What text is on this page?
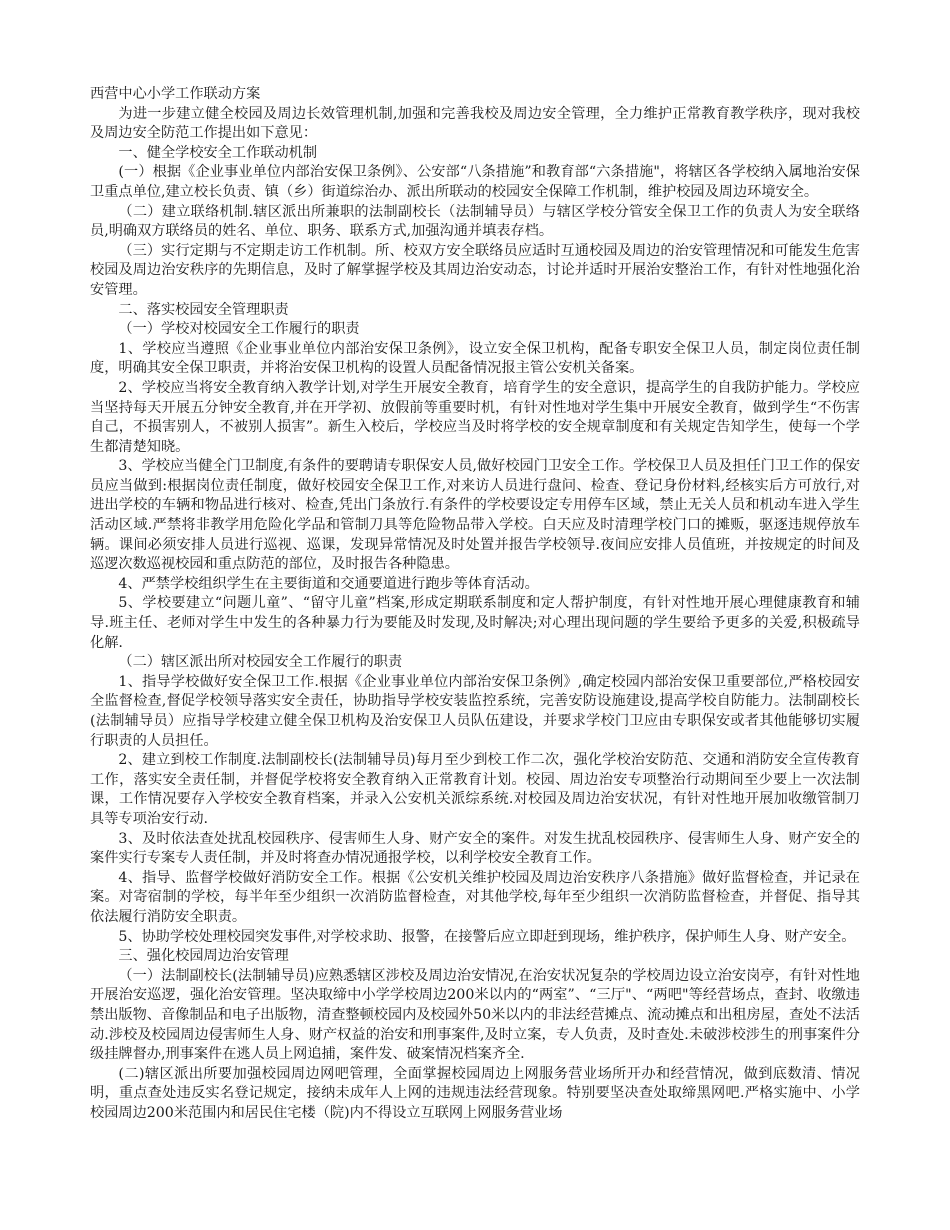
西营中心小学工作联动方案

为进一步建立健全校园及周边长效管理机制,加强和完善我校及周边安全管理，全力维护正常教育教学秩序，现对我校及周边安全防范工作提出如下意见：

一、健全学校安全工作联动机制

(一）根据《企业事业单位内部治安保卫条例》、公安部“八条措施”和教育部“六条措施"，将辖区各学校纳入属地治安保卫重点单位,建立校长负责、镇（乡）街道综治办、派出所联动的校园安全保障工作机制，维护校园及周边环境安全。

（二）建立联络机制.辖区派出所兼职的法制副校长（法制辅导员）与辖区学校分管安全保卫工作的负责人为安全联络员,明确双方联络员的姓名、单位、职务、联系方式,加强沟通并填表存档。

（三）实行定期与不定期走访工作机制。所、校双方安全联络员应适时互通校园及周边的治安管理情况和可能发生危害校园及周边治安秩序的先期信息，及时了解掌握学校及其周边治安动态，讨论并适时开展治安整治工作，有针对性地强化治安管理。

二、落实校园安全管理职责

（一）学校对校园安全工作履行的职责

1、学校应当遵照《企业事业单位内部治安保卫条例》，设立安全保卫机构，配备专职安全保卫人员，制定岗位责任制度，明确其安全保卫职责，并将治安保卫机构的设置人员配备情况报主管公安机关备案。

2、学校应当将安全教育纳入教学计划,对学生开展安全教育，培育学生的安全意识，提高学生的自我防护能力。学校应当坚持每天开展五分钟安全教育,并在开学初、放假前等重要时机，有针对性地对学生集中开展安全教育，做到学生“不伤害自己，不损害别人，不被别人损害”。新生入校后，学校应当及时将学校的安全规章制度和有关规定告知学生，使每一个学生都清楚知晓。

3、学校应当健全门卫制度,有条件的要聘请专职保安人员,做好校园门卫安全工作。学校保卫人员及担任门卫工作的保安员应当做到:根据岗位责任制度，做好校园安全保卫工作,对来访人员进行盘问、检查、登记身份材料,经核实后方可放行,对进出学校的车辆和物品进行核对、检查,凭出门条放行.有条件的学校要设定专用停车区域，禁止无关人员和机动车进入学生活动区域.严禁将非教学用危险化学品和管制刀具等危险物品带入学校。白天应及时清理学校门口的摊贩，驱逐违规停放车辆。课间必须安排人员进行巡视、巡课，发现异常情况及时处置并报告学校领导.夜间应安排人员值班，并按规定的时间及巡逻次数巡视校园和重点防范的部位，及时报告各种隐患。

4、严禁学校组织学生在主要街道和交通要道进行跑步等体育活动。

5、学校要建立“问题儿童”、“留守儿童”档案,形成定期联系制度和定人帮护制度，有针对性地开展心理健康教育和辅导.班主任、老师对学生中发生的各种暴力行为要能及时发现,及时解决;对心理出现问题的学生要给予更多的关爱,积极疏导化解.

（二）辖区派出所对校园安全工作履行的职责

1、指导学校做好安全保卫工作.根据《企业事业单位内部治安保卫条例》,确定校园内部治安保卫重要部位,严格校园安全监督检查,督促学校领导落实安全责任，协助指导学校安装监控系统，完善安防设施建设,提高学校自防能力。法制副校长(法制辅导员）应指导学校建立健全保卫机构及治安保卫人员队伍建设，并要求学校门卫应由专职保安或者其他能够切实履行职责的人员担任。

2、建立到校工作制度.法制副校长(法制辅导员)每月至少到校工作二次，强化学校治安防范、交通和消防安全宣传教育工作，落实安全责任制，并督促学校将安全教育纳入正常教育计划。校园、周边治安专项整治行动期间至少要上一次法制课，工作情况要存入学校安全教育档案，并录入公安机关派综系统.对校园及周边治安状况，有针对性地开展加收缴管制刀具等专项治安行动.

3、及时依法查处扰乱校园秩序、侵害师生人身、财产安全的案件。对发生扰乱校园秩序、侵害师生人身、财产安全的案件实行专案专人责任制，并及时将查办情况通报学校，以利学校安全教育工作。

4、指导、监督学校做好消防安全工作。根据《公安机关维护校园及周边治安秩序八条措施》做好监督检查，并记录在案。对寄宿制的学校，每半年至少组织一次消防监督检查，对其他学校,每年至少组织一次消防监督检查，并督促、指导其依法履行消防安全职责。

5、协助学校处理校园突发事件,对学校求助、报警，在接警后应立即赶到现场，维护秩序，保护师生人身、财产安全。

三、强化校园周边治安管理

（一）法制副校长(法制辅导员)应熟悉辖区涉校及周边治安情况,在治安状况复杂的学校周边设立治安岗亭，有针对性地开展治安巡逻，强化治安管理。坚决取缔中小学学校周边200米以内的“两室”、“三厅"、“两吧"等经营场点，查封、收缴违禁出版物、音像制品和电子出版物，清查整顿校园内及校园外50米以内的非法经营摊点、流动摊点和出租房屋，查处不法活动.涉校及校园周边侵害师生人身、财产权益的治安和刑事案件,及时立案，专人负责，及时查处.未破涉校涉生的刑事案件分级挂牌督办,刑事案件在逃人员上网追捕，案件发、破案情况档案齐全.

(二)辖区派出所要加强校园周边网吧管理，全面掌握校园周边上网服务营业场所开办和经营情况，做到底数清、情况明，重点查处违反实名登记规定，接纳未成年人上网的违规违法经营现象。特别要坚决查处取缔黑网吧.严格实施中、小学校园周边200米范围内和居民住宅楼（院)内不得设立互联网上网服务营业场
